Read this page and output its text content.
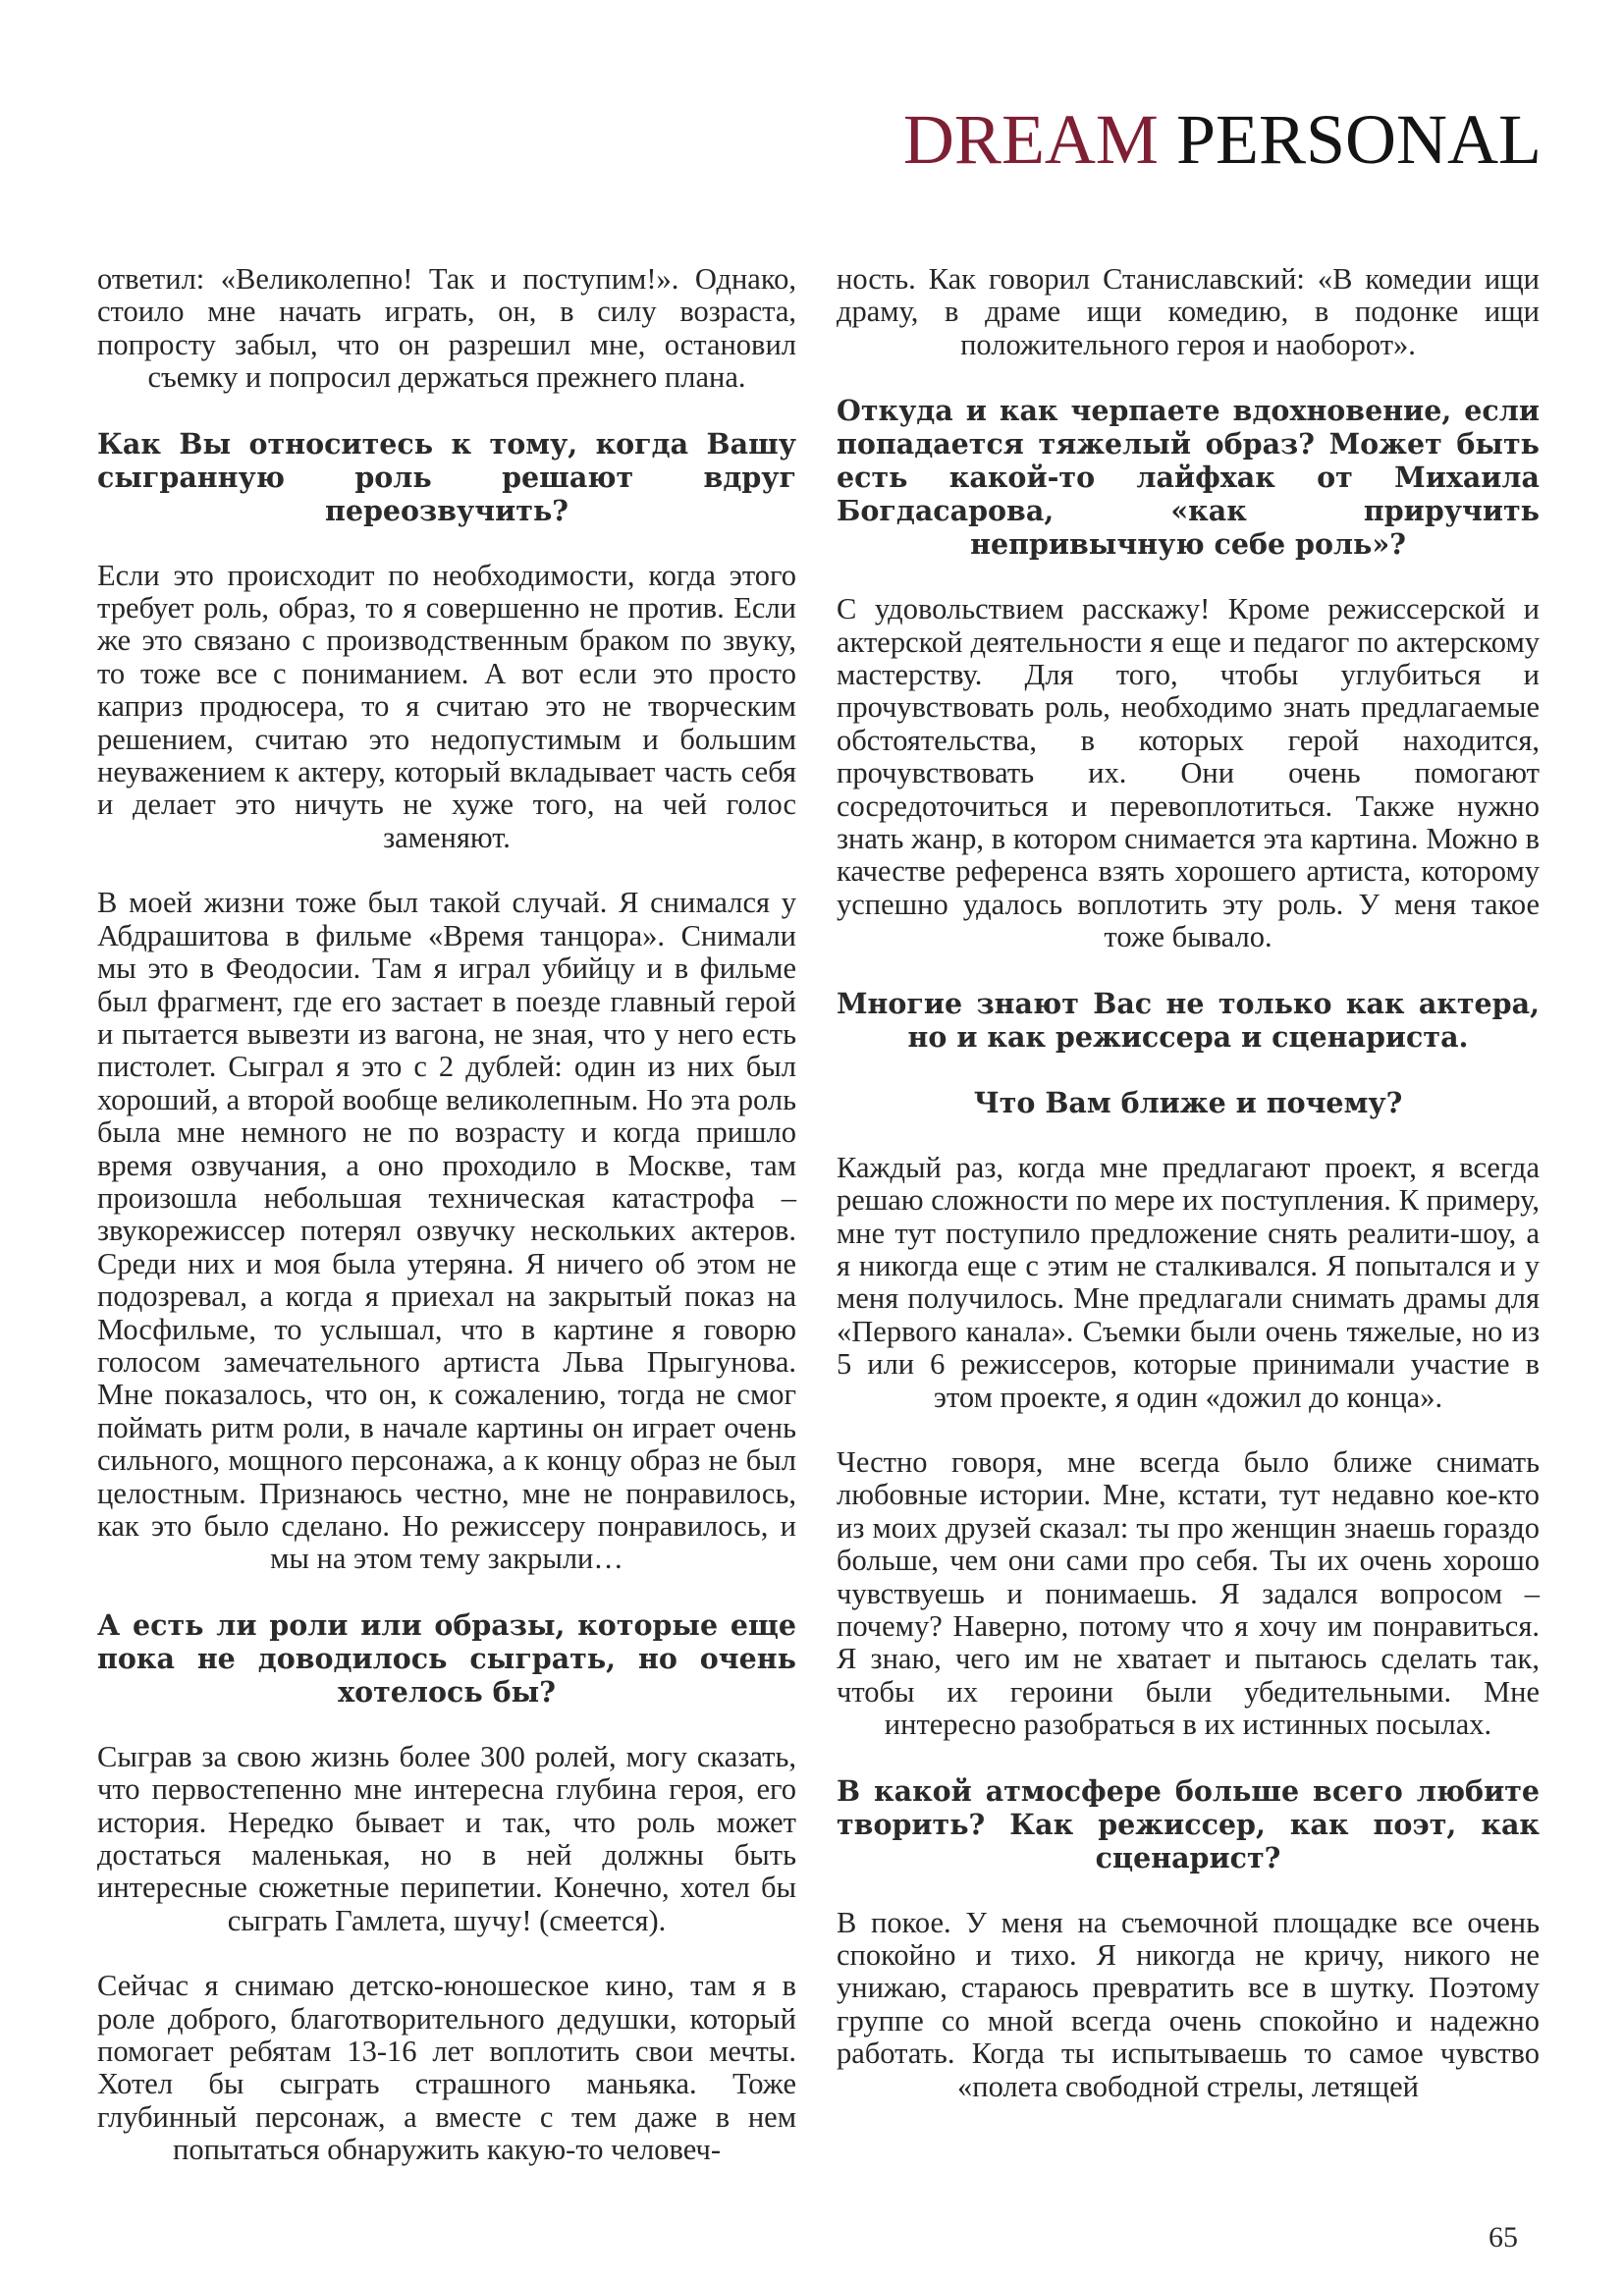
DREAM PERSONAL

ответил: «Великолепно! Так и поступим!». Однако, стоило мне начать играть, он, в силу возраста, попросту забыл, что он разрешил мне, остановил съемку и попросил держаться прежнего плана.

Как Вы относитесь к тому, когда Вашу сыгранную роль решают вдруг переозвучить?

Если это происходит по необходимости, когда этого требует роль, образ, то я совершенно не против. Если же это связано с производственным браком по звуку, то тоже все с пониманием. А вот если это просто каприз продюсера, то я считаю это не творческим решением, считаю это недопустимым и большим неуважением к актеру, который вкладывает часть себя и делает это ничуть не хуже того, на чей голос заменяют.

В моей жизни тоже был такой случай. Я снимался у Абдрашитова в фильме «Время танцора». Снимали мы это в Феодосии. Там я играл убийцу и в фильме был фрагмент, где его застает в поезде главный герой и пытается вывезти из вагона, не зная, что у него есть пистолет. Сыграл я это с 2 дублей: один из них был хороший, а второй вообще великолепным. Но эта роль была мне немного не по возрасту и когда пришло время озвучания, а оно проходило в Москве, там произошла небольшая техническая катастрофа – звукорежиссер потерял озвучку нескольких актеров. Среди них и моя была утеряна. Я ничего об этом не подозревал, а когда я приехал на закрытый показ на Мосфильме, то услышал, что в картине я говорю голосом замечательного артиста Льва Прыгунова. Мне показалось, что он, к сожалению, тогда не смог поймать ритм роли, в начале картины он играет очень сильного, мощного персонажа, а к концу образ не был целостным. Признаюсь честно, мне не понравилось, как это было сделано. Но режиссеру понравилось, и мы на этом тему закрыли…

А есть ли роли или образы, которые еще пока не доводилось сыграть, но очень хотелось бы?

Сыграв за свою жизнь более 300 ролей, могу сказать, что первостепенно мне интересна глубина героя, его история. Нередко бывает и так, что роль может достаться маленькая, но в ней должны быть интересные сюжетные перипетии. Конечно, хотел бы сыграть Гамлета, шучу! (смеется).

Сейчас я снимаю детско-юношеское кино, там я в роле доброго, благотворительного дедушки, который помогает ребятам 13-16 лет воплотить свои мечты. Хотел бы сыграть страшного маньяка. Тоже глубинный персонаж, а вместе с тем даже в нем попытаться обнаружить какую-то человеч-

ность. Как говорил Станиславский: «В комедии ищи драму, в драме ищи комедию, в подонке ищи положительного героя и наоборот».

Откуда и как черпаете вдохновение, если попадается тяжелый образ? Может быть есть какой-то лайфхак от Михаила Богдасарова, «как приручить непривычную себе роль»?

С удовольствием расскажу! Кроме режиссерской и актерской деятельности я еще и педагог по актерскому мастерству. Для того, чтобы углубиться и прочувствовать роль, необходимо знать предлагаемые обстоятельства, в которых герой находится, прочувствовать их. Они очень помогают сосредоточиться и перевоплотиться. Также нужно знать жанр, в котором снимается эта картина. Можно в качестве референса взять хорошего артиста, которому успешно удалось воплотить эту роль. У меня такое тоже бывало.

Многие знают Вас не только как актера, но и как режиссера и сценариста.
Что Вам ближе и почему?

Каждый раз, когда мне предлагают проект, я всегда решаю сложности по мере их поступления. К примеру, мне тут поступило предложение снять реалити-шоу, а я никогда еще с этим не сталкивался. Я попытался и у меня получилось. Мне предлагали снимать драмы для «Первого канала». Съемки были очень тяжелые, но из 5 или 6 режиссеров, которые принимали участие в этом проекте, я один «дожил до конца».

Честно говоря, мне всегда было ближе снимать любовные истории. Мне, кстати, тут недавно кое-кто из моих друзей сказал: ты про женщин знаешь гораздо больше, чем они сами про себя. Ты их очень хорошо чувствуешь и понимаешь. Я задался вопросом – почему? Наверно, потому что я хочу им понравиться. Я знаю, чего им не хватает и пытаюсь сделать так, чтобы их героини были убедительными. Мне интересно разобраться в их истинных посылах.

В какой атмосфере больше всего любите творить? Как режиссер, как поэт, как сценарист?

В покое. У меня на съемочной площадке все очень спокойно и тихо. Я никогда не кричу, никого не унижаю, стараюсь превратить все в шутку. Поэтому группе со мной всегда очень спокойно и надежно работать. Когда ты испытываешь то самое чувство «полета свободной стрелы, летящей

65
